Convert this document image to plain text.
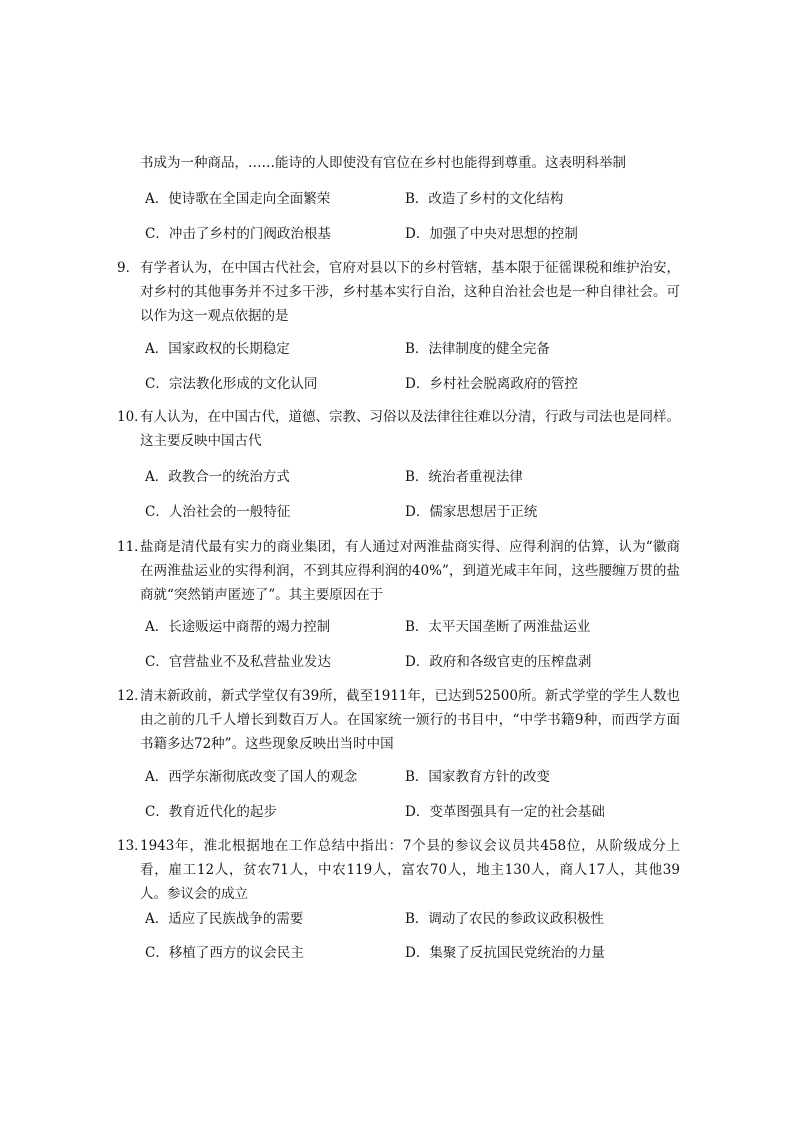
书成为一种商品，……能诗的人即使没有官位在乡村也能得到尊重。这表明科举制
A．使诗歌在全国走向全面繁荣	B．改造了乡村的文化结构
C．冲击了乡村的门阀政治根基	D．加强了中央对思想的控制
9． 有学者认为，在中国古代社会，官府对县以下的乡村管辖，基本限于征徭课税和维护治安，对乡村的其他事务并不过多干涉，乡村基本实行自治，这种自治社会也是一种自律社会。可以作为这一观点依据的是
A．国家政权的长期稳定	B．法律制度的健全完备
C．宗法教化形成的文化认同	D．乡村社会脱离政府的管控
10．
有人认为，在中国古代，道德、宗教、习俗以及法律往往难以分清，行政与司法也是同样。这主要反映中国古代
A．政教合一的统治方式	B．统治者重视法律
C．人治社会的一般特征	D．儒家思想居于正统
11．
盐商是清代最有实力的商业集团，有人通过对两淮盐商实得、应得利润的估算，认为“徽商在两淮盐运业的实得利润，不到其应得利润的40%”，到道光咸丰年间，这些腰缠万贯的盐商就“突然销声匿迹了”。其主要原因在于
A．长途贩运中商帮的竭力控制	B．太平天国垄断了两淮盐运业
C．官营盐业不及私营盐业发达	D．政府和各级官吏的压榨盘剥
12．
清末新政前，新式学堂仅有39所，截至1911年，已达到52500所。新式学堂的学生人数也由之前的几千人增长到数百万人。在国家统一颁行的书目中，“中学书籍9种，而西学方面书籍多达72种”。这些现象反映出当时中国
A．西学东渐彻底改变了国人的观念	B．国家教育方针的改变
C．教育近代化的起步	D．变革图强具有一定的社会基础
13．
1943年，淮北根据地在工作总结中指出：7个县的参议会议员共458位，从阶级成分上看，雇工12人，贫农71人，中农119人，富农70人，地主130人，商人17人，其他39人。参议会的成立
A．适应了民族战争的需要	B．调动了农民的参政议政积极性
C．移植了西方的议会民主	D．集聚了反抗国民党统治的力量
